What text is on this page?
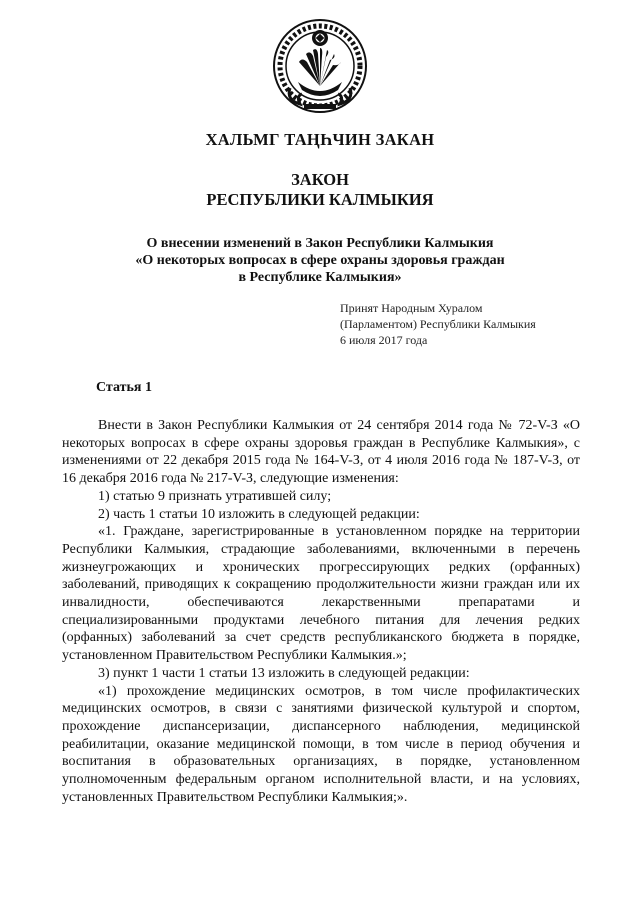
ХАЛЬМГ ТАҢҺЧИН ЗАКАН
ЗАКОН
РЕСПУБЛИКИ КАЛМЫКИЯ
О внесении изменений в Закон Республики Калмыкия
«О некоторых вопросах в сфере охраны здоровья граждан
в Республике Калмыкия»
Принят Народным Хуралом
(Парламентом) Республики Калмыкия
6 июля 2017 года
Статья 1

Внести в Закон Республики Калмыкия от 24 сентября 2014 года № 72-V-З «О некоторых вопросах в сфере охраны здоровья граждан в Республике Калмыкия», с изменениями от 22 декабря 2015 года № 164-V-З, от 4 июля 2016 года № 187-V-З, от 16 декабря 2016 года № 217-V-З, следующие изменения:

1) статью 9 признать утратившей силу;

2) часть 1 статьи 10 изложить в следующей редакции:

«1. Граждане, зарегистрированные в установленном порядке на территории Республики Калмыкия, страдающие заболеваниями, включенными в перечень жизнеугрожающих и хронических прогрессирующих редких (орфанных) заболеваний, приводящих к сокращению продолжительности жизни граждан или их инвалидности, обеспечиваются лекарственными препаратами и специализированными продуктами лечебного питания для лечения редких (орфанных) заболеваний за счет средств республиканского бюджета в порядке, установленном Правительством Республики Калмыкия.»;

3) пункт 1 части 1 статьи 13 изложить в следующей редакции:

«1) прохождение медицинских осмотров, в том числе профилактических медицинских осмотров, в связи с занятиями физической культурой и спортом, прохождение диспансеризации, диспансерного наблюдения, медицинской реабилитации, оказание медицинской помощи, в том числе в период обучения и воспитания в образовательных организациях, в порядке, установленном уполномоченным федеральным органом исполнительной власти, и на условиях, установленных Правительством Республики Калмыкия;».
